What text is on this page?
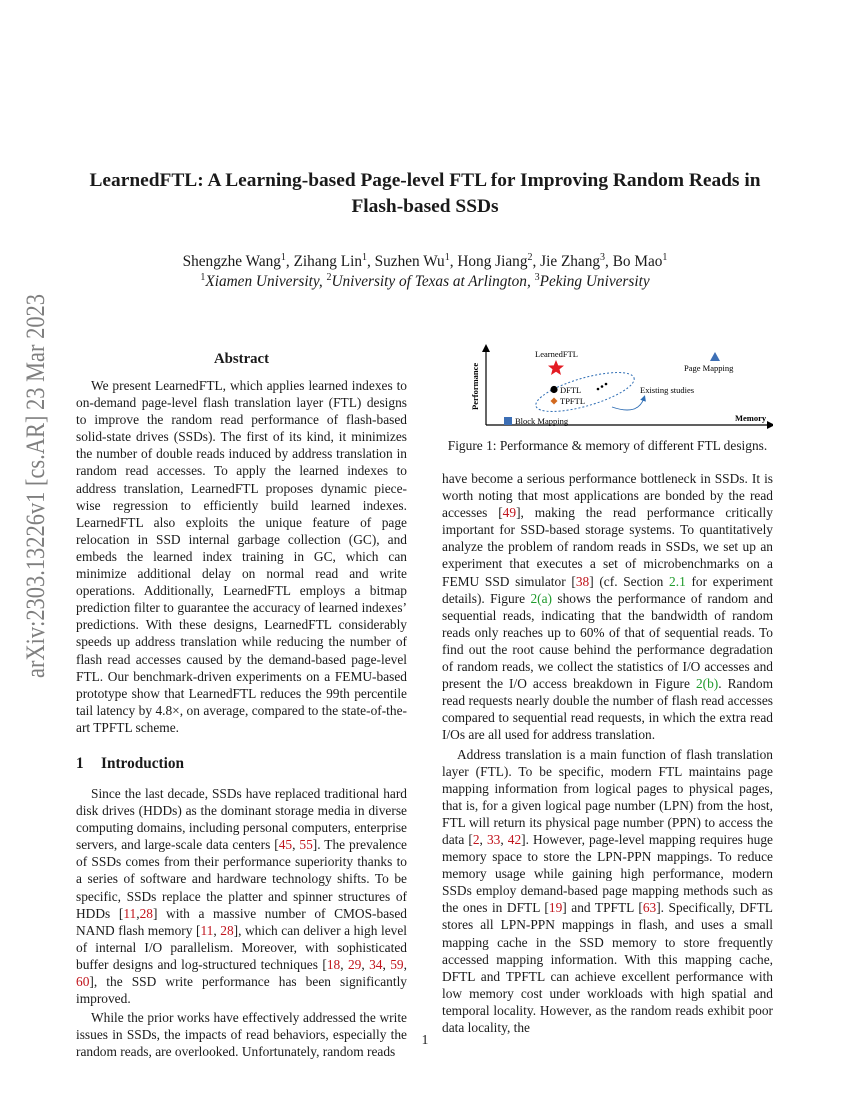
arXiv:2303.13226v1 [cs.AR] 23 Mar 2023
LearnedFTL: A Learning-based Page-level FTL for Improving Random Reads in
Flash-based SSDs
Shengzhe Wang$^1$, Zihang Lin$^1$, Suzhen Wu$^1$, Hong Jiang$^2$, Jie Zhang$^3$, Bo Mao$^1$
$^1$Xiamen University, $^2$University of Texas at Arlington, $^3$Peking University
Abstract

We present LearnedFTL, which applies learned indexes to on-demand page-level flash translation layer (FTL) designs to improve the random read performance of flash-based solid-state drives (SSDs). The first of its kind, it minimizes the number of double reads induced by address translation in random read accesses. To apply the learned indexes to address translation, LearnedFTL proposes dynamic piece-wise regression to efficiently build learned indexes. LearnedFTL also exploits the unique feature of page relocation in SSD internal garbage collection (GC), and embeds the learned index training in GC, which can minimize additional delay on normal read and write operations. Additionally, LearnedFTL employs a bitmap prediction filter to guarantee the accuracy of learned indexes’ predictions. With these designs, LearnedFTL considerably speeds up address translation while reducing the number of flash read accesses caused by the demand-based page-level FTL. Our benchmark-driven experiments on a FEMU-based prototype show that LearnedFTL reduces the 99th percentile tail latency by 4.8×, on average, compared to the state-of-the-art TPFTL scheme.

1 Introduction

Since the last decade, SSDs have replaced traditional hard disk drives (HDDs) as the dominant storage media in diverse computing domains, including personal computers, enterprise servers, and large-scale data centers [45, 55]. The prevalence of SSDs comes from their performance superiority thanks to a series of software and hardware technology shifts. To be specific, SSDs replace the platter and spinner structures of HDDs [11,28] with a massive number of CMOS-based NAND flash memory [11, 28], which can deliver a high level of internal I/O parallelism. Moreover, with sophisticated buffer designs and log-structured techniques [18, 29, 34, 59, 60], the SSD write performance has been significantly improved.

While the prior works have effectively addressed the write issues in SSDs, the impacts of read behaviors, especially the random reads, are overlooked. Unfortunately, random reads

Performance
Memory
LearnedFTL
Page Mapping
DFTL
TPFTL
Existing studies
Block Mapping
Figure 1: Performance & memory of different FTL designs.

have become a serious performance bottleneck in SSDs. It is worth noting that most applications are bonded by the read accesses [49], making the read performance critically important for SSD-based storage systems. To quantitatively analyze the problem of random reads in SSDs, we set up an experiment that executes a set of microbenchmarks on a FEMU SSD simulator [38] (cf. Section 2.1 for experiment details). Figure 2(a) shows the performance of random and sequential reads, indicating that the bandwidth of random reads only reaches up to 60% of that of sequential reads. To find out the root cause behind the performance degradation of random reads, we collect the statistics of I/O accesses and present the I/O access breakdown in Figure 2(b). Random read requests nearly double the number of flash read accesses compared to sequential read requests, in which the extra read I/Os are all used for address translation.

Address translation is a main function of flash translation layer (FTL). To be specific, modern FTL maintains page mapping information from logical pages to physical pages, that is, for a given logical page number (LPN) from the host, FTL will return its physical page number (PPN) to access the data [2, 33, 42]. However, page-level mapping requires huge memory space to store the LPN-PPN mappings. To reduce memory usage while gaining high performance, modern SSDs employ demand-based page mapping methods such as the ones in DFTL [19] and TPFTL [63]. Specifically, DFTL stores all LPN-PPN mappings in flash, and uses a small mapping cache in the SSD memory to store frequently accessed mapping information. With this mapping cache, DFTL and TPFTL can achieve excellent performance with low memory cost under workloads with high spatial and temporal locality. However, as the random reads exhibit poor data locality, the

1
